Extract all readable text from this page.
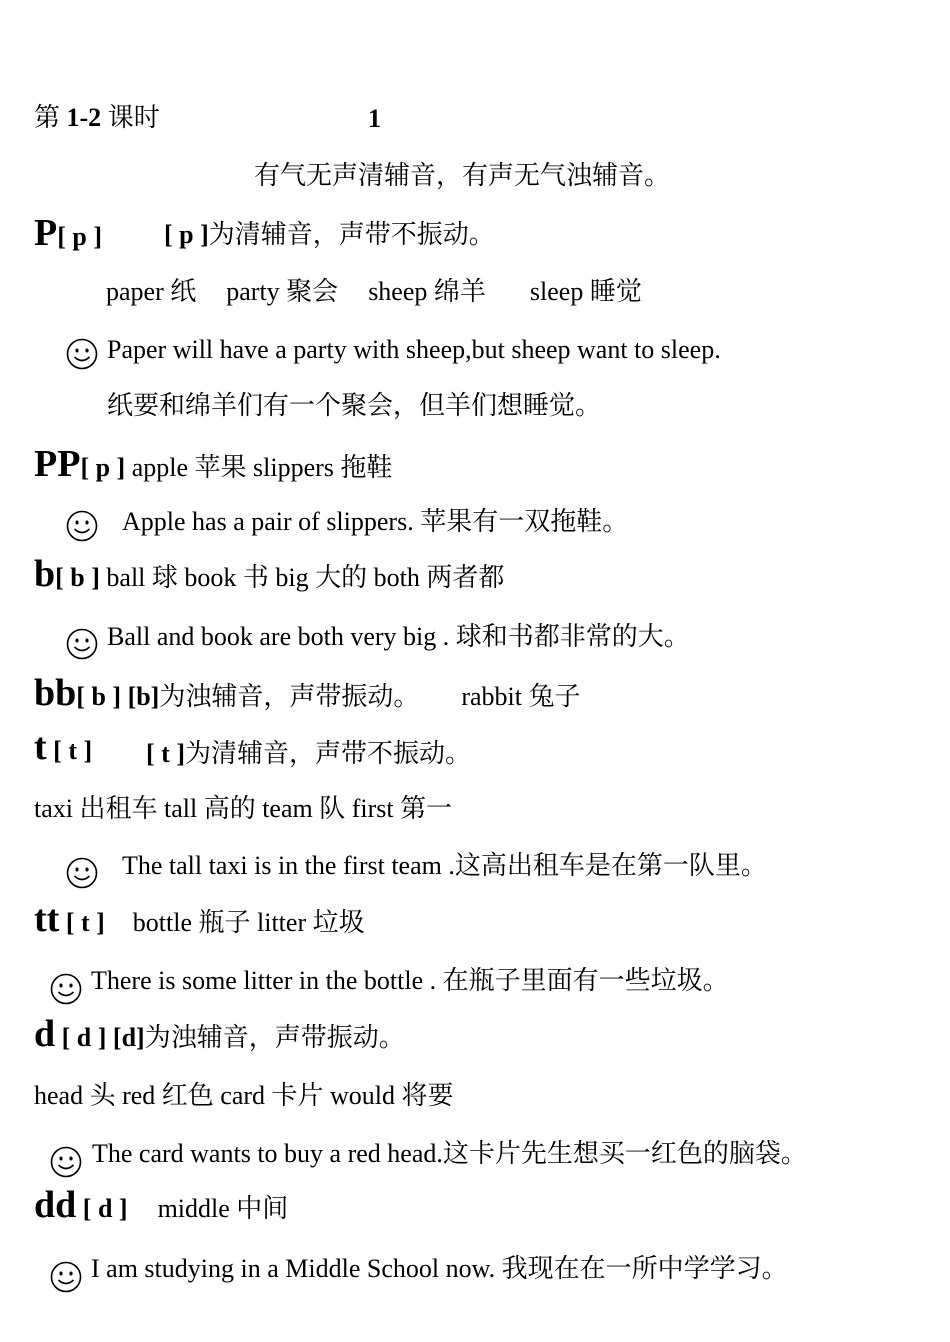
第 1-2 课时	1
有气无声清辅音，有声无气浊辅音。
P[ p ] [ p ]为清辅音，声带不振动。
paper 纸 party 聚会 sheep 绵羊 sleep 睡觉
Paper will have a party with sheep,but sheep want to sleep.
纸要和绵羊们有一个聚会，但羊们想睡觉。
PP[ p ] apple 苹果 slippers 拖鞋
Apple has a pair of slippers. 苹果有一双拖鞋。
b[ b ] ball 球 book 书 big 大的 both 两者都
Ball and book are both very big . 球和书都非常的大。
bb[ b ] [b]为浊辅音，声带振动。 rabbit 兔子
t [ t ] [ t ]为清辅音，声带不振动。
taxi 出租车 tall 高的 team 队 first 第一
The tall taxi is in the first team .这高出租车是在第一队里。
tt [ t ] bottle 瓶子 litter 垃圾
There is some litter in the bottle . 在瓶子里面有一些垃圾。
d [ d ] [d]为浊辅音，声带振动。
head 头 red 红色 card 卡片 would 将要
The card wants to buy a red head.这卡片先生想买一红色的脑袋。
dd [ d ] middle 中间
I am studying in a Middle School now. 我现在在一所中学学习。
